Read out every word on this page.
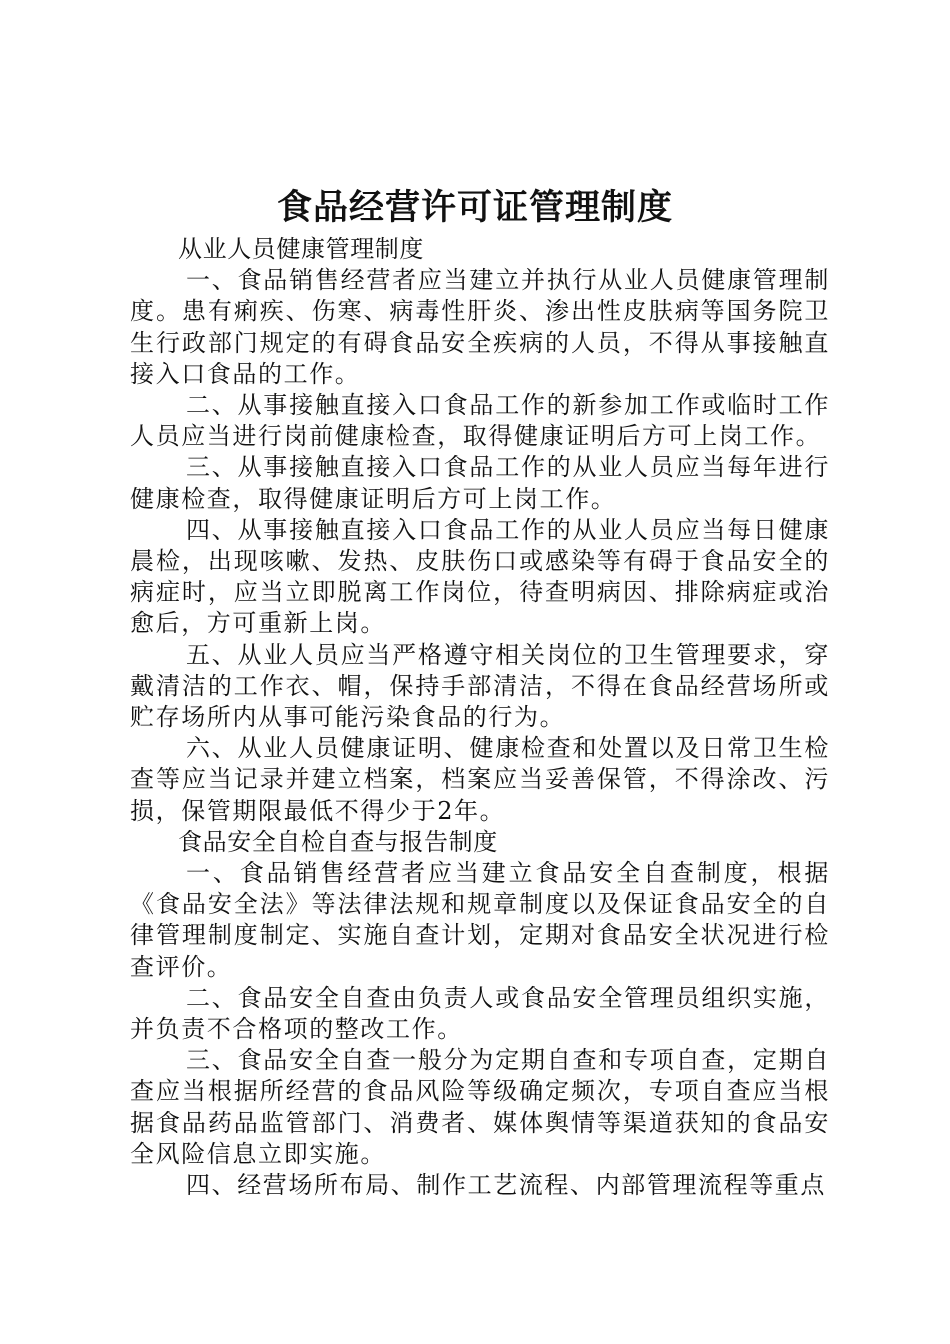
食品经营许可证管理制度

从业人员健康管理制度

一、食品销售经营者应当建立并执行从业人员健康管理制度。患有痢疾、伤寒、病毒性肝炎、渗出性皮肤病等国务院卫生行政部门规定的有碍食品安全疾病的人员，不得从事接触直接入口食品的工作。

二、从事接触直接入口食品工作的新参加工作或临时工作人员应当进行岗前健康检查，取得健康证明后方可上岗工作。

三、从事接触直接入口食品工作的从业人员应当每年进行健康检查，取得健康证明后方可上岗工作。

四、从事接触直接入口食品工作的从业人员应当每日健康晨检，出现咳嗽、发热、皮肤伤口或感染等有碍于食品安全的病症时，应当立即脱离工作岗位，待查明病因、排除病症或治愈后，方可重新上岗。

五、从业人员应当严格遵守相关岗位的卫生管理要求，穿戴清洁的工作衣、帽，保持手部清洁，不得在食品经营场所或贮存场所内从事可能污染食品的行为。

六、从业人员健康证明、健康检查和处置以及日常卫生检查等应当记录并建立档案，档案应当妥善保管，不得涂改、污损，保管期限最低不得少于2年。

食品安全自检自查与报告制度

一、食品销售经营者应当建立食品安全自查制度，根据《食品安全法》等法律法规和规章制度以及保证食品安全的自律管理制度制定、实施自查计划，定期对食品安全状况进行检查评价。

二、食品安全自查由负责人或食品安全管理员组织实施，并负责不合格项的整改工作。

三、食品安全自查一般分为定期自查和专项自查，定期自查应当根据所经营的食品风险等级确定频次，专项自查应当根据食品药品监管部门、消费者、媒体舆情等渠道获知的食品安全风险信息立即实施。

四、经营场所布局、制作工艺流程、内部管理流程等重点
